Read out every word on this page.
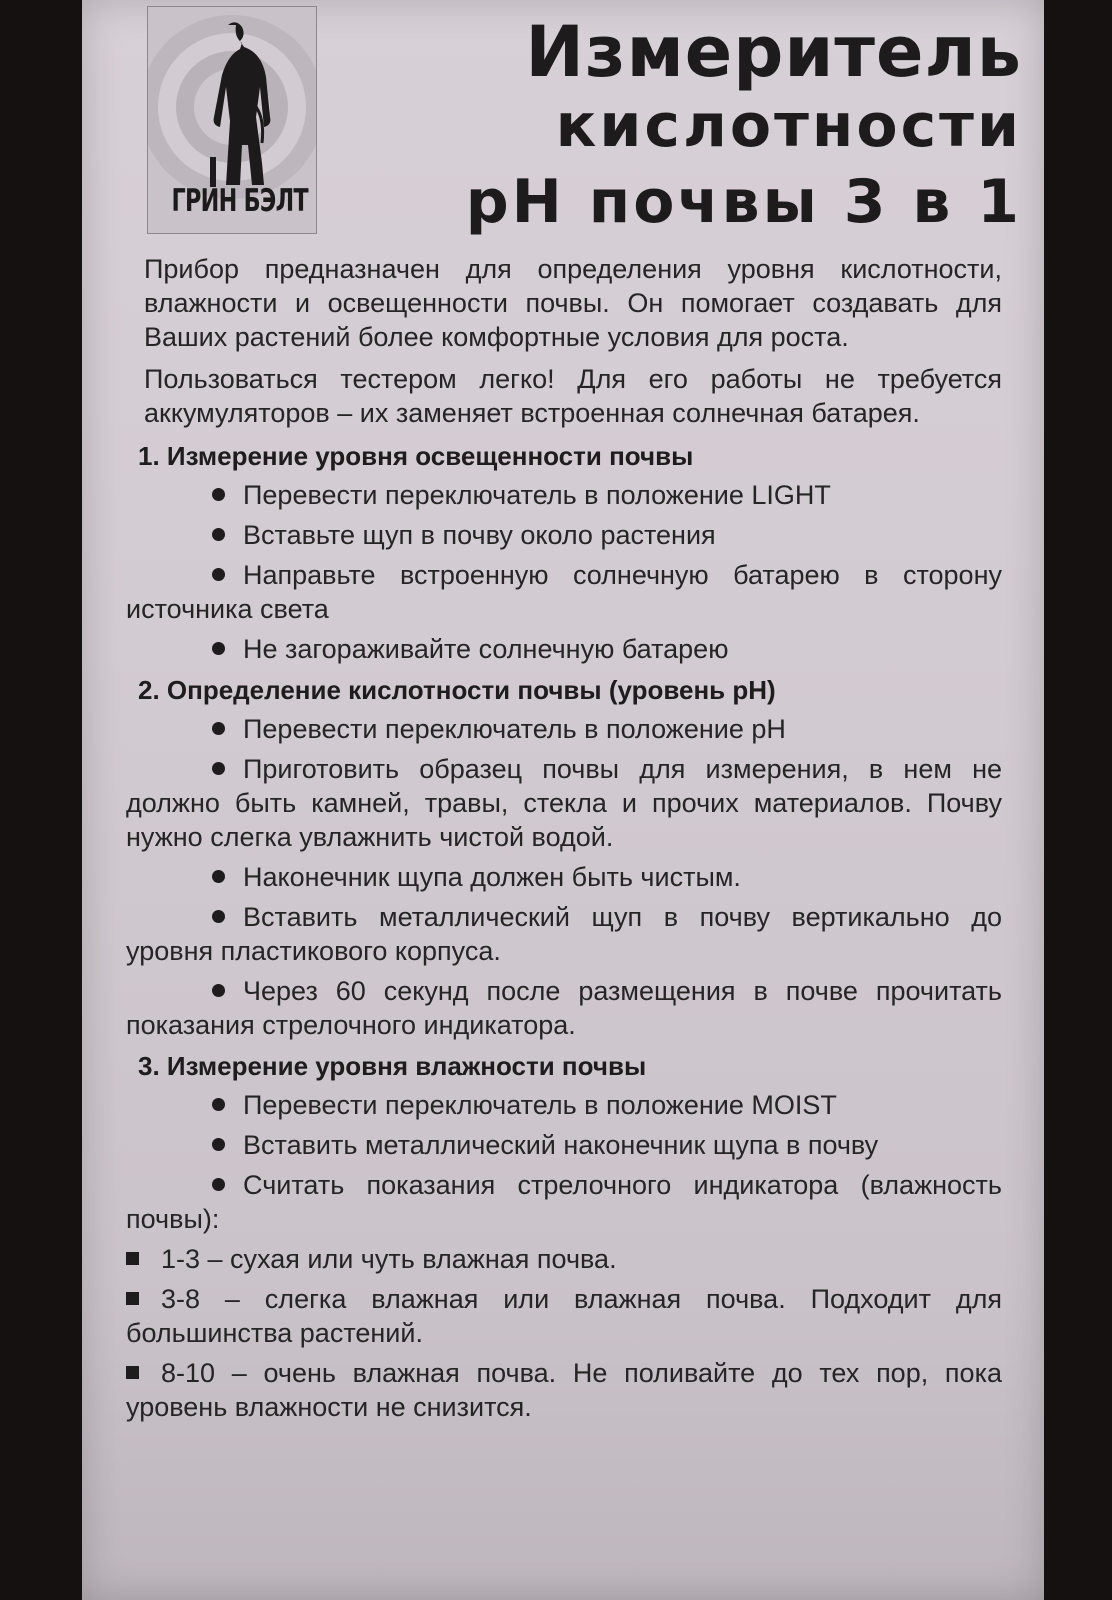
ГРИН БЭЛТ
Измеритель
кислотности
pH почвы 3 в 1

Прибор предназначен для определения уровня кислотности, влажности и освещенности почвы. Он помогает создавать для Ваших растений более комфортные условия для роста.

Пользоваться тестером легко! Для его работы не требуется аккумуляторов – их заменяет встроенная солнечная батарея.

1. Измерение уровня освещенности почвы
Перевести переключатель в положение LIGHT
Вставьте щуп в почву около растения
Направьте встроенную солнечную батарею в сторону источника света
Не загораживайте солнечную батарею
2. Определение кислотности почвы (уровень pH)
Перевести переключатель в положение pH
Приготовить образец почвы для измерения, в нем не должно быть камней, травы, стекла и прочих материалов. Почву нужно слегка увлажнить чистой водой.
Наконечник щупа должен быть чистым.
Вставить металлический щуп в почву вертикально до уровня пластикового корпуса.
Через 60 секунд после размещения в почве прочитать показания стрелочного индикатора.
3. Измерение уровня влажности почвы
Перевести переключатель в положение MOIST
Вставить металлический наконечник щупа в почву
Считать показания стрелочного индикатора (влажность почвы):
1-3 – сухая или чуть влажная почва.
3-8 – слегка влажная или влажная почва. Подходит для большинства растений.
8-10 – очень влажная почва. Не поливайте до тех пор, пока уровень влажности не снизится.
